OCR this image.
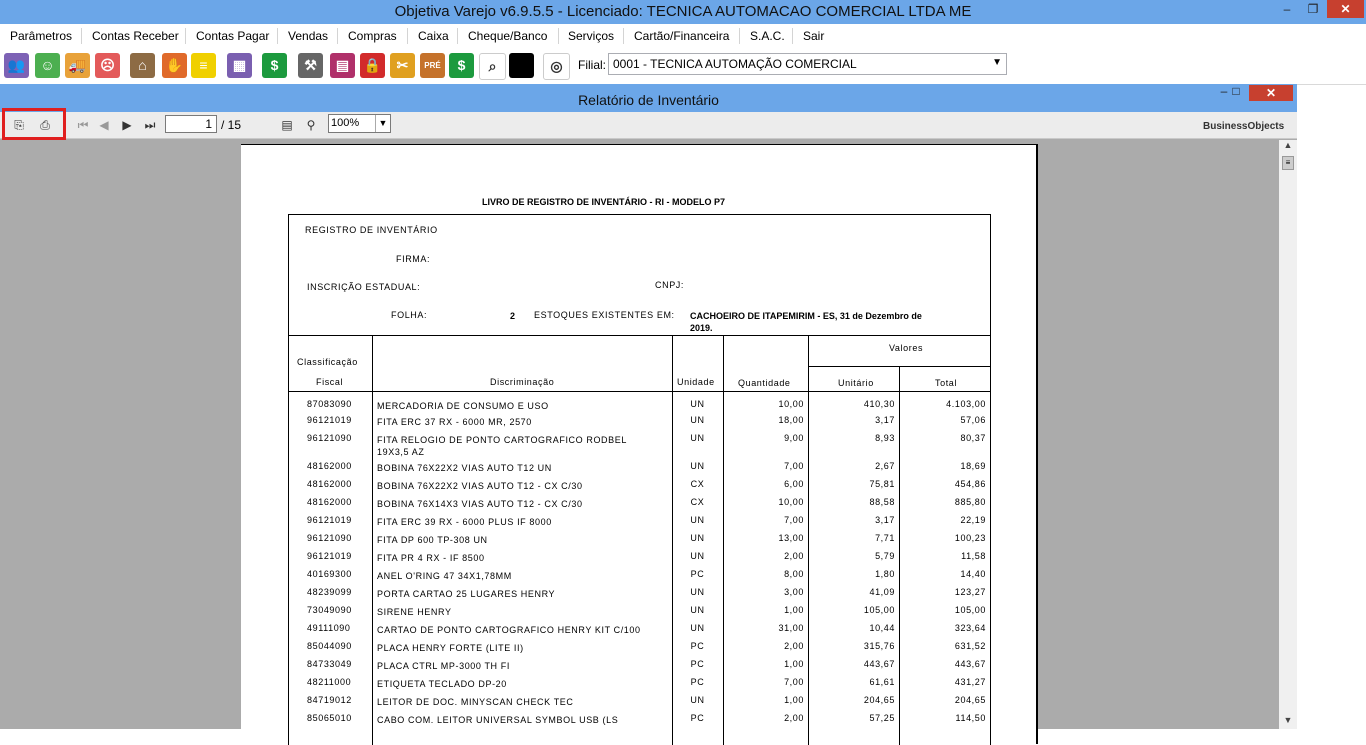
Objetiva Varejo v6.9.5.5 - Licenciado: TECNICA AUTOMACAO COMERCIAL LTDA ME	–	❐	✕
Parâmetros Contas Receber Contas Pagar Vendas Compras Caixa Cheque/Banco Serviços Cartão/Financeira S.A.C. Sair
👥	☺	🚚 ☹	⌂	✋	≡	▦	$	⚒	▤	🔒	✂	PRÉ	$	⌕	◎	Filial: 0001 - TECNICA AUTOMAÇÃO COMERCIAL	▼
Relatório de Inventário
– □	✕
⎘	⎙	⏮ ◀	▶	⏭	1 / 15	▤	⚲	100%	▼	BusinessObjects
▲
≡
▼
LIVRO DE REGISTRO DE INVENTÁRIO - RI - MODELO P7
REGISTRO DE INVENTÁRIO
FIRMA:
INSCRIÇÃO ESTADUAL:	CNPJ:
FOLHA:	2 ESTOQUES EXISTENTES EM: CACHOEIRO DE ITAPEMIRIM - ES, 31 de Dezembro de
2019.
Classificação
Fiscal	Discriminação	Unidade	Quantidade
Valores
Unitário	Total
87083090	MERCADORIA DE CONSUMO E USO	UN	10,00	410,30	4.103,00
96121019	FITA ERC 37 RX - 6000 MR, 2570	UN	18,00	3,17	57,06
96121090	FITA RELOGIO DE PONTO CARTOGRAFICO RODBEL	UN	9,00	8,93	80,37
19X3,5 AZ
48162000	BOBINA 76X22X2 VIAS AUTO T12 UN	UN	7,00	2,67	18,69
48162000	BOBINA 76X22X2 VIAS AUTO T12 - CX C/30	CX	6,00	75,81	454,86
48162000	BOBINA 76X14X3 VIAS AUTO T12 - CX C/30	CX	10,00	88,58	885,80
96121019	FITA ERC 39 RX - 6000 PLUS IF 8000	UN	7,00	3,17	22,19
96121090	FITA DP 600 TP-308 UN	UN	13,00	7,71	100,23
96121019	FITA PR 4 RX - IF 8500	UN	2,00	5,79	11,58
40169300	ANEL O'RING 47 34X1,78MM	PC	8,00	1,80	14,40
48239099	PORTA CARTAO 25 LUGARES HENRY	UN	3,00	41,09	123,27
73049090	SIRENE HENRY	UN	1,00	105,00	105,00
49111090	CARTAO DE PONTO CARTOGRAFICO HENRY KIT C/100	UN	31,00	10,44	323,64
85044090	PLACA HENRY FORTE (LITE II)	PC	2,00	315,76	631,52
84733049	PLACA CTRL MP-3000 TH FI	PC	1,00	443,67	443,67
48211000	ETIQUETA TECLADO DP-20	PC	7,00	61,61	431,27
84719012	LEITOR DE DOC. MINYSCAN CHECK TEC	UN	1,00	204,65	204,65
85065010	CABO COM. LEITOR UNIVERSAL SYMBOL USB (LS	PC	2,00	57,25	114,50
